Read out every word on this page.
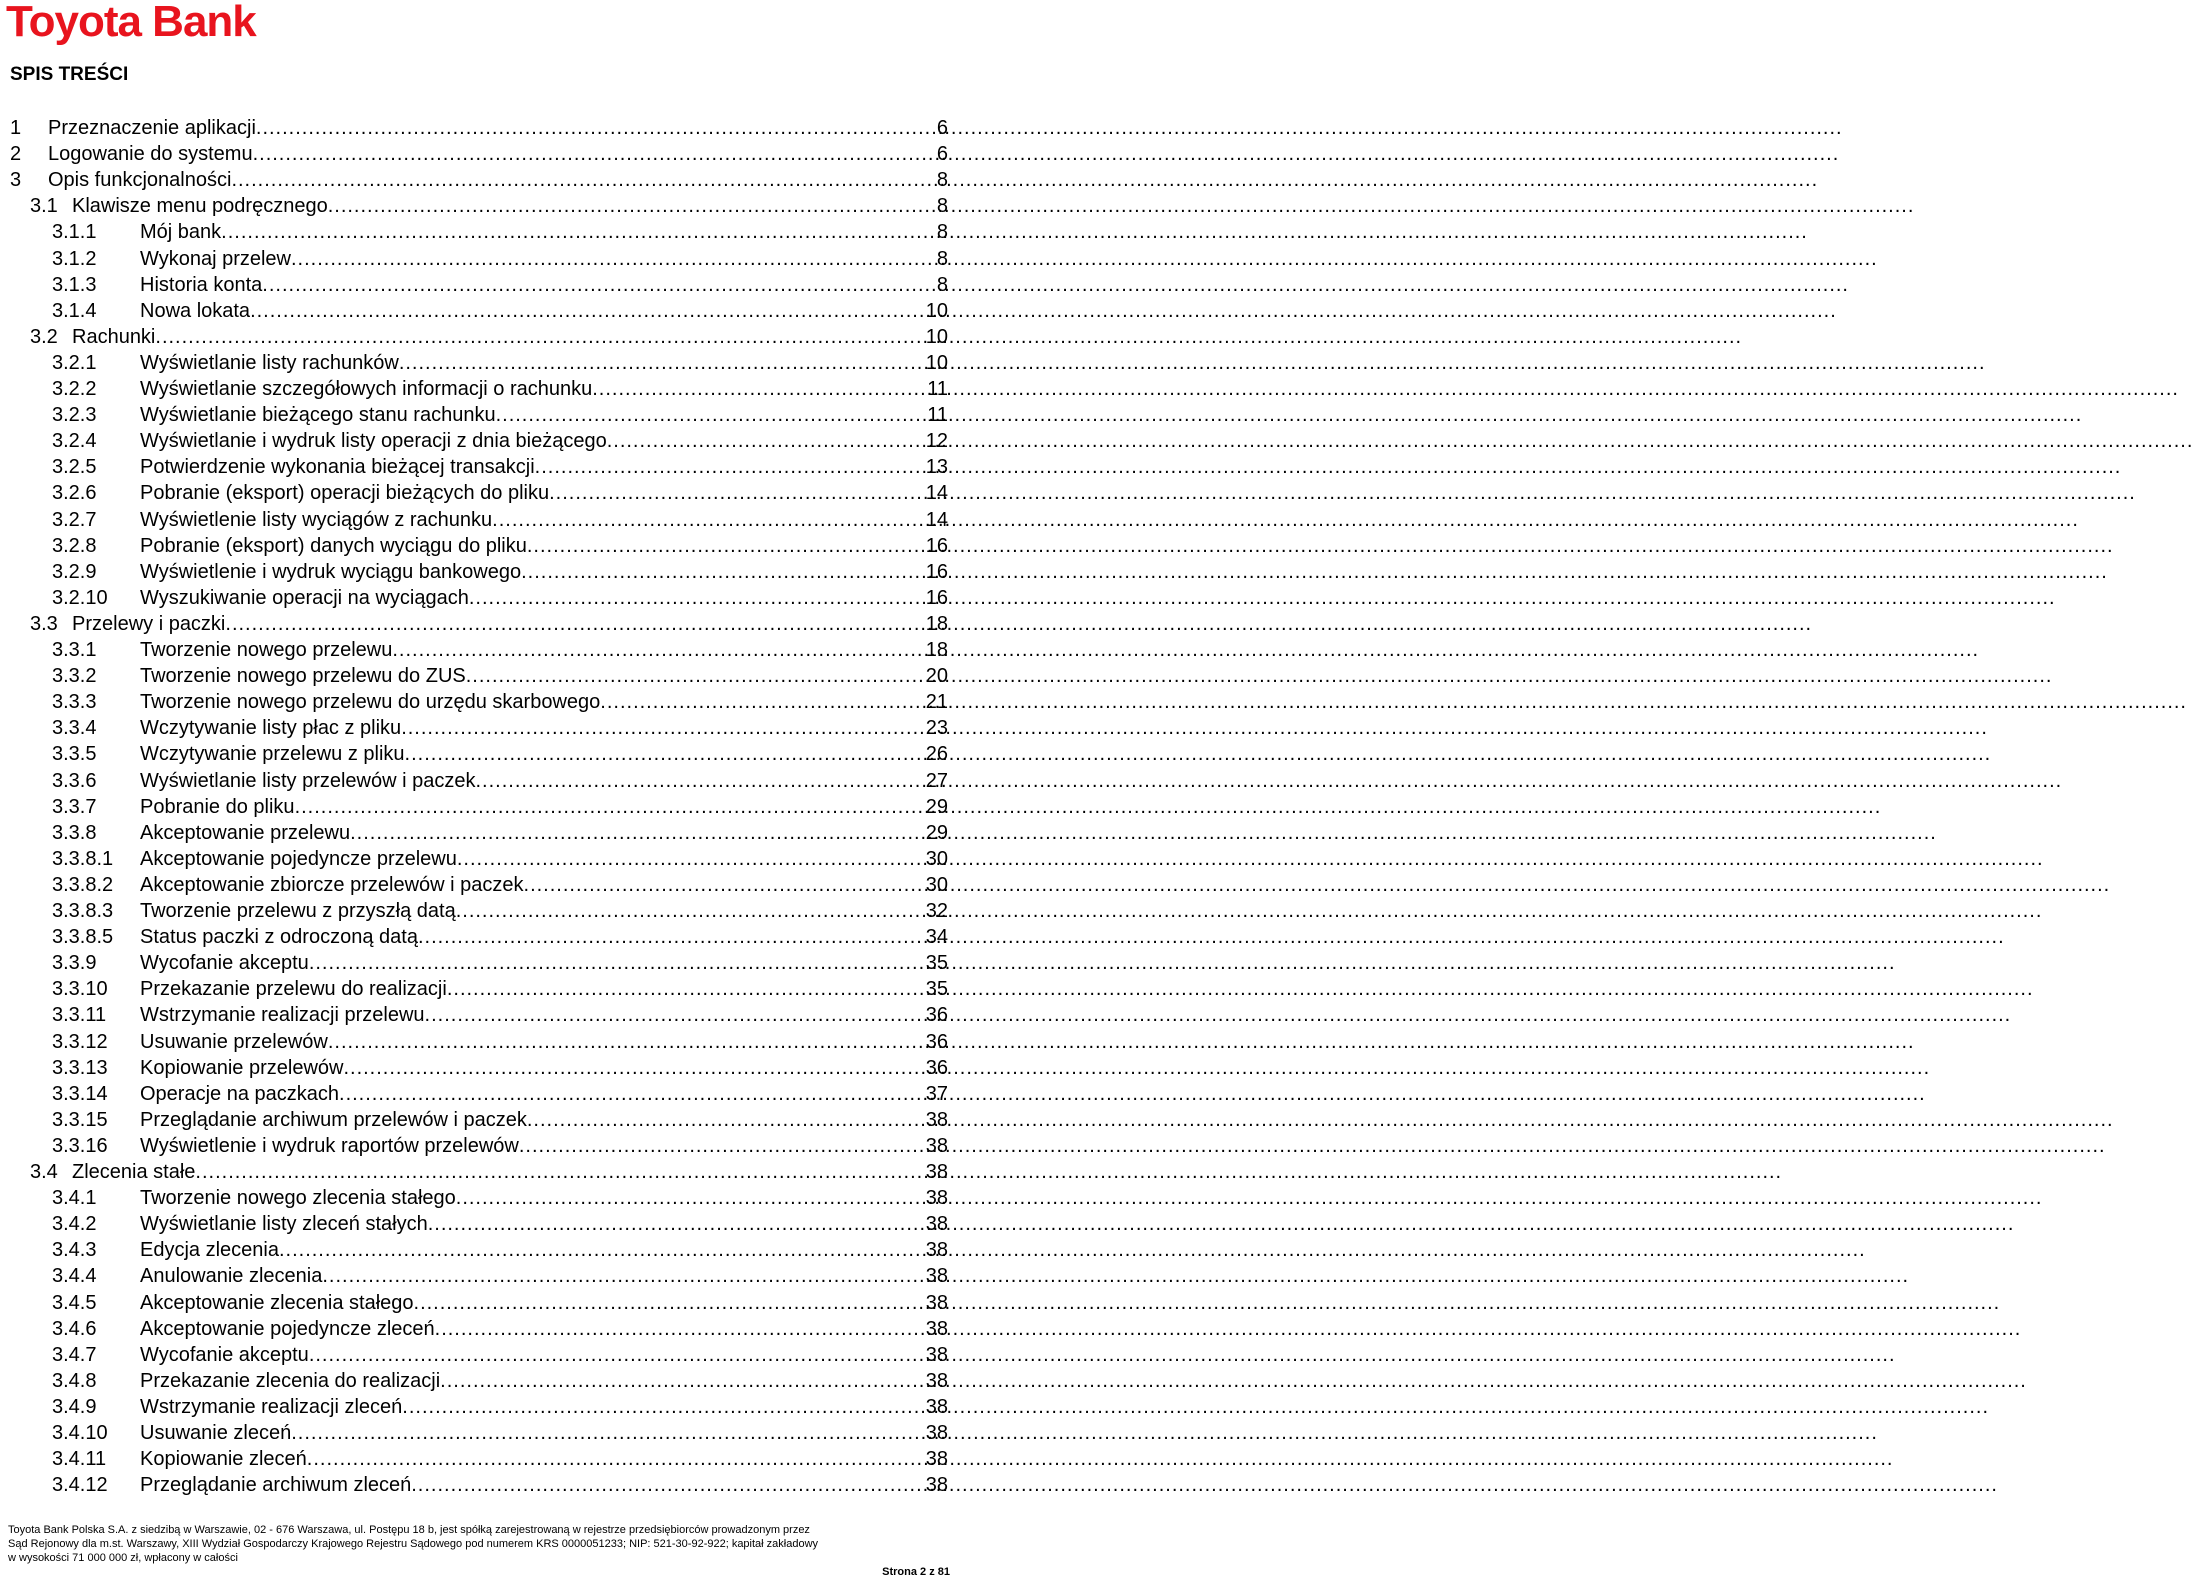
Toyota Bank
SPIS TREŚCI
1	Przeznaczenie aplikacji .....	6
2	Logowanie do systemu .....	6
3	Opis funkcjonalności .....	8
3.1 Klawisze menu podręcznego .....	8
3.1.1	Mój bank .....	8
3.1.2	Wykonaj przelew .....	8
3.1.3	Historia konta .....	8
3.1.4	Nowa lokata .....	10
3.2 Rachunki .....	10
3.2.1	Wyświetlanie listy rachunków .....	10
3.2.2	Wyświetlanie szczegółowych informacji o rachunku .....	11
3.2.3	Wyświetlanie bieżącego stanu rachunku .....	11
3.2.4	Wyświetlanie i wydruk listy operacji z dnia bieżącego .....	12
3.2.5	Potwierdzenie wykonania bieżącej transakcji .....	13
3.2.6	Pobranie (eksport) operacji bieżących do pliku .....	14
3.2.7	Wyświetlenie listy wyciągów z rachunku .....	14
3.2.8	Pobranie (eksport) danych wyciągu do pliku .....	16
3.2.9	Wyświetlenie i wydruk wyciągu bankowego .....	16
3.2.10	Wyszukiwanie operacji na wyciągach .....	16
3.3 Przelewy i paczki .....	18
3.3.1	Tworzenie nowego przelewu .....	18
3.3.2	Tworzenie nowego przelewu do ZUS .....	20
3.3.3	Tworzenie nowego przelewu do urzędu skarbowego .....	21
3.3.4	Wczytywanie listy płac z pliku .....	23
3.3.5	Wczytywanie przelewu z pliku .....	26
3.3.6	Wyświetlanie listy przelewów i paczek .....	27
3.3.7	Pobranie do pliku .....	29
3.3.8	Akceptowanie przelewu .....	29
3.3.8.1	Akceptowanie pojedyncze przelewu .....	30
3.3.8.2	Akceptowanie zbiorcze przelewów i paczek .....	30
3.3.8.3	Tworzenie przelewu z przyszłą datą .....	32
3.3.8.5	Status paczki z odroczoną datą .....	34
3.3.9	Wycofanie akceptu .....	35
3.3.10	Przekazanie przelewu do realizacji .....	35
3.3.11	Wstrzymanie realizacji przelewu .....	36
3.3.12	Usuwanie przelewów .....	36
3.3.13	Kopiowanie przelewów .....	36
3.3.14	Operacje na paczkach .....	37
3.3.15	Przeglądanie archiwum przelewów i paczek .....	38
3.3.16	Wyświetlenie i wydruk raportów przelewów .....	38
3.4 Zlecenia stałe .....	38
3.4.1	Tworzenie nowego zlecenia stałego .....	38
3.4.2	Wyświetlanie listy zleceń stałych .....	38
3.4.3	Edycja zlecenia .....	38
3.4.4	Anulowanie zlecenia .....	38
3.4.5	Akceptowanie zlecenia stałego .....	38
3.4.6	Akceptowanie pojedyncze zleceń .....	38
3.4.7	Wycofanie akceptu .....	38
3.4.8	Przekazanie zlecenia do realizacji .....	38
3.4.9	Wstrzymanie realizacji zleceń .....	38
3.4.10	Usuwanie zleceń .....	38
3.4.11	Kopiowanie zleceń .....	38
3.4.12	Przeglądanie archiwum zleceń .....	38
Toyota Bank Polska S.A. z siedzibą w Warszawie, 02 - 676 Warszawa, ul. Postępu 18 b, jest spółką zarejestrowaną w rejestrze przedsiębiorców prowadzonym przez
Sąd Rejonowy dla m.st. Warszawy, XIII Wydział Gospodarczy Krajowego Rejestru Sądowego pod numerem KRS 0000051233; NIP: 521-30-92-922; kapitał zakładowy
w wysokości 71 000 000 zł, wpłacony w całości
Strona 2 z 81
